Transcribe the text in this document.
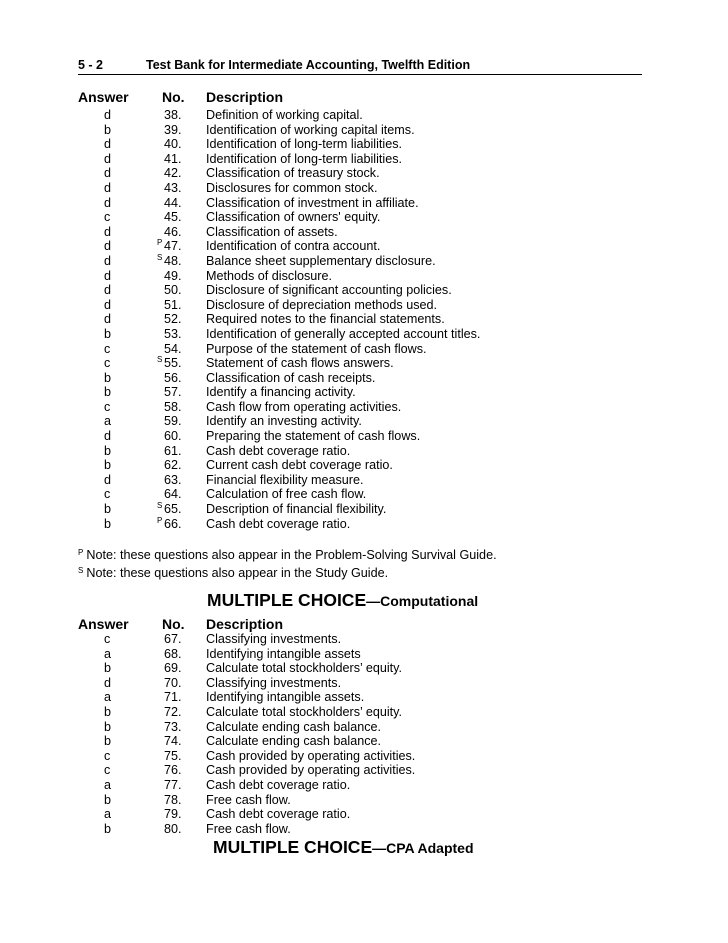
5 - 2	Test Bank for Intermediate Accounting, Twelfth Edition
Answer No. Description
d	38. Definition of working capital.
b	39. Identification of working capital items.
d	40. Identification of long-term liabilities.
d	41. Identification of long-term liabilities.
d	42. Classification of treasury stock.
d	43. Disclosures for common stock.
d	44. Classification of investment in affiliate.
c	45. Classification of owners' equity.
d	46. Classification of assets.
d	P 47. Identification of contra account.
d	S 48. Balance sheet supplementary disclosure.
d	49. Methods of disclosure.
d	50. Disclosure of significant accounting policies.
d	51. Disclosure of depreciation methods used.
d	52. Required notes to the financial statements.
b	53. Identification of generally accepted account titles.
c	54. Purpose of the statement of cash flows.
c	S 55. Statement of cash flows answers.
b	56. Classification of cash receipts.
b	57. Identify a financing activity.
c	58. Cash flow from operating activities.
a	59. Identify an investing activity.
d	60. Preparing the statement of cash flows.
b	61. Cash debt coverage ratio.
b	62. Current cash debt coverage ratio.
d	63. Financial flexibility measure.
c	64. Calculation of free cash flow.
b	S 65. Description of financial flexibility.
b	P 66. Cash debt coverage ratio.
$^P$ Note: these questions also appear in the Problem-Solving Survival Guide.
$^S$ Note: these questions also appear in the Study Guide.
MULTIPLE CHOICE—Computational
Answer No. Description
c	67. Classifying investments.
a	68. Identifying intangible assets
b	69. Calculate total stockholders’ equity.
d	70. Classifying investments.
a	71. Identifying intangible assets.
b	72. Calculate total stockholders’ equity.
b	73. Calculate ending cash balance.
b	74. Calculate ending cash balance.
c	75. Cash provided by operating activities.
c	76. Cash provided by operating activities.
a	77. Cash debt coverage ratio.
b	78. Free cash flow.
a	79. Cash debt coverage ratio.
b	80. Free cash flow.
MULTIPLE CHOICE—CPA Adapted
